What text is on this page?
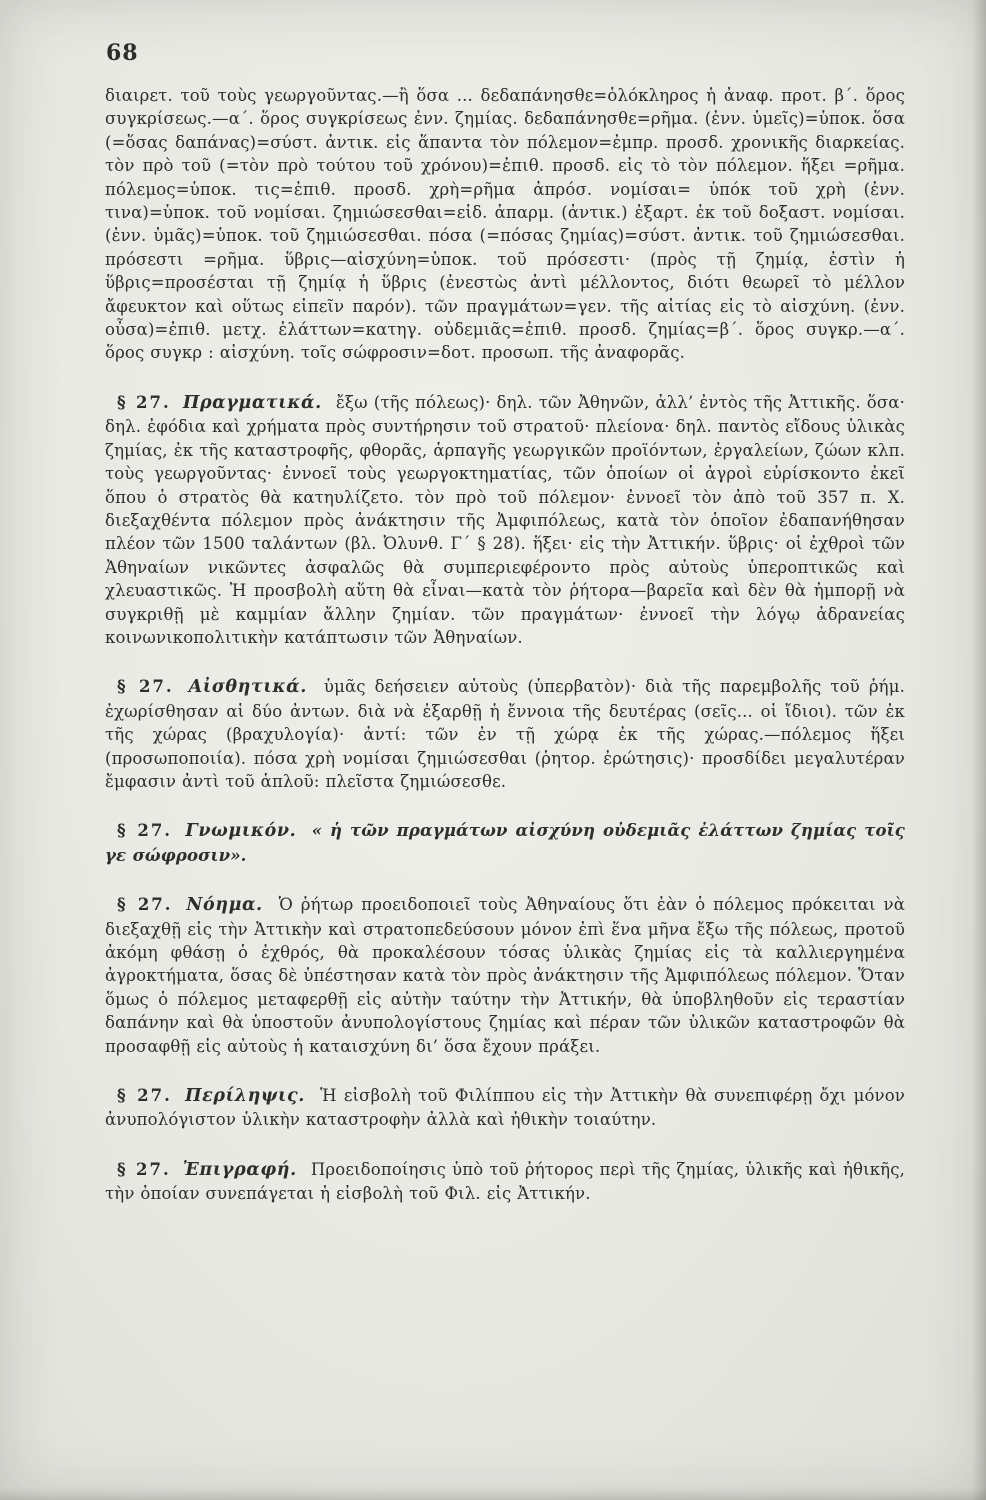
68

διαιρετ. τοῦ τοὺς γεωργοῦντας.—ἢ ὅσα ... δεδαπάνησθε=ὁλόκληρος ἡ ἀναφ. προτ. β΄. ὅρος συγκρίσεως.—α΄. ὅρος συγκρίσεως ἐνν. ζημίας. δεδαπάνησθε=ρῆμα. (ἐνν. ὑμεῖς)=ὑποκ. ὅσα (=ὅσας δαπάνας)=σύστ. ἀντικ. εἰς ἅπαντα τὸν πόλεμον=ἐμπρ. προσδ. χρονικῆς διαρκείας. τὸν πρὸ τοῦ (=τὸν πρὸ τούτου τοῦ χρόνου)=ἐπιθ. προσδ. εἰς τὸ τὸν πόλεμον. ἥξει =ρῆμα. πόλεμος=ὑποκ. τις=ἐπιθ. προσδ. χρὴ=ρῆμα ἀπρόσ. νομίσαι= ὑπόκ τοῦ χρὴ (ἐνν. τινα)=ὑποκ. τοῦ νομίσαι. ζημιώσεσθαι=εἰδ. ἀπαρμ. (ἀντικ.) ἐξαρτ. ἐκ τοῦ δοξαστ. νομίσαι. (ἐνν. ὑμᾶς)=ὑποκ. τοῦ ζημιώσεσθαι. πόσα (=πόσας ζημίας)=σύστ. ἀντικ. τοῦ ζημιώσεσθαι. πρόσεστι =ρῆμα. ὕβρις—αἰσχύνη=ὑποκ. τοῦ πρόσεστι· (πρὸς τῇ ζημίᾳ, ἐστὶν ἡ ὕβρις=προσέσται τῇ ζημίᾳ ἡ ὕβρις (ἐνεστὼς ἀντὶ μέλλοντος, διότι θεωρεῖ τὸ μέλλον ἄφευκτον καὶ οὕτως εἰπεῖν παρόν). τῶν πραγμάτων=γεν. τῆς αἰτίας εἰς τὸ αἰσχύνη. (ἐνν. οὖσα)=ἐπιθ. μετχ. ἐλάττων=κατηγ. οὐδεμιᾶς=ἐπιθ. προσδ. ζημίας=β΄. ὅρος συγκρ.—α΄. ὅρος συγκρ : αἰσχύνη. τοῖς σώφροσιν=δοτ. προσωπ. τῆς ἀναφορᾶς.

§ 27. Πραγματικά. ἔξω (τῆς πόλεως)· δηλ. τῶν Ἀθηνῶν, ἀλλ’ ἐντὸς τῆς Ἀττικῆς. ὅσα· δηλ. ἐφόδια καὶ χρήματα πρὸς συντήρησιν τοῦ στρατοῦ· πλείονα· δηλ. παντὸς εἴδους ὑλικὰς ζημίας, ἐκ τῆς καταστροφῆς, φθορᾶς, ἁρπαγῆς γεωργικῶν προϊόντων, ἐργαλείων, ζώων κλπ. τοὺς γεωργοῦντας· ἐννοεῖ τοὺς γεωργοκτηματίας, τῶν ὁποίων οἱ ἀγροὶ εὑρίσκοντο ἐκεῖ ὅπου ὁ στρατὸς θὰ κατηυλίζετο. τὸν πρὸ τοῦ πόλεμον· ἐννοεῖ τὸν ἀπὸ τοῦ 357 π. Χ. διεξαχθέντα πόλεμον πρὸς ἀνάκτησιν τῆς Ἀμφιπόλεως, κατὰ τὸν ὁποῖον ἐδαπανήθησαν πλέον τῶν 1500 ταλάντων (βλ. Ὀλυνθ. Γ΄ § 28). ἥξει· εἰς τὴν Ἀττικήν. ὕβρις· οἱ ἐχθροὶ τῶν Ἀθηναίων νικῶντες ἀσφαλῶς θὰ συμπεριεφέροντο πρὸς αὐτοὺς ὑπεροπτικῶς καὶ χλευαστικῶς. Ἡ προσβολὴ αὕτη θὰ εἶναι—κατὰ τὸν ῥήτορα—βαρεῖα καὶ δὲν θὰ ἠμπορῇ νὰ συγκριθῇ μὲ καμμίαν ἄλλην ζημίαν. τῶν πραγμάτων· ἐννοεῖ τὴν λόγῳ ἀδρανείας κοινωνικοπολιτικὴν κατάπτωσιν τῶν Ἀθηναίων.

§ 27. Αἰσθητικά. ὑμᾶς δεήσειεν αὐτοὺς (ὑπερβατὸν)· διὰ τῆς παρεμβολῆς τοῦ ῥήμ. ἐχωρίσθησαν αἱ δύο ἀντων. διὰ νὰ ἐξαρθῇ ἡ ἔννοια τῆς δευτέρας (σεῖς... οἱ ἴδιοι). τῶν ἐκ τῆς χώρας (βραχυλογία)· ἀντί: τῶν ἐν τῇ χώρᾳ ἐκ τῆς χώρας.—πόλεμος ἥξει (προσωποποιία). πόσα χρὴ νομίσαι ζημιώσεσθαι (ῥητορ. ἐρώτησις)· προσδίδει μεγαλυτέραν ἔμφασιν ἀντὶ τοῦ ἁπλοῦ: πλεῖστα ζημιώσεσθε.

§ 27. Γνωμικόν. « ἡ τῶν πραγμάτων αἰσχύνη οὐδεμιᾶς ἐλάττων ζημίας τοῖς γε σώφροσιν».

§ 27. Νόημα. Ὁ ῥήτωρ προειδοποιεῖ τοὺς Ἀθηναίους ὅτι ἐὰν ὁ πόλεμος πρόκειται νὰ διεξαχθῇ εἰς τὴν Ἀττικὴν καὶ στρατοπεδεύσουν μόνον ἐπὶ ἕνα μῆνα ἔξω τῆς πόλεως, προτοῦ ἀκόμη φθάσῃ ὁ ἐχθρός, θὰ προκαλέσουν τόσας ὑλικὰς ζημίας εἰς τὰ καλλιεργημένα ἀγροκτήματα, ὅσας δὲ ὑπέστησαν κατὰ τὸν πρὸς ἀνάκτησιν τῆς Ἀμφιπόλεως πόλεμον. Ὅταν ὅμως ὁ πόλεμος μεταφερθῇ εἰς αὐτὴν ταύτην τὴν Ἀττικήν, θὰ ὑποβληθοῦν εἰς τεραστίαν δαπάνην καὶ θὰ ὑποστοῦν ἀνυπολογίστους ζημίας καὶ πέραν τῶν ὑλικῶν καταστροφῶν θὰ προσαφθῇ εἰς αὐτοὺς ἡ καταισχύνη δι’ ὅσα ἔχουν πράξει.

§ 27. Περίληψις. Ἡ εἰσβολὴ τοῦ Φιλίππου εἰς τὴν Ἀττικὴν θὰ συνεπιφέρῃ ὄχι μόνον ἀνυπολόγιστον ὑλικὴν καταστροφὴν ἀλλὰ καὶ ἠθικὴν τοιαύτην.

§ 27. Ἐπιγραφή. Προειδοποίησις ὑπὸ τοῦ ῥήτορος περὶ τῆς ζημίας, ὑλικῆς καὶ ἠθικῆς, τὴν ὁποίαν συνεπάγεται ἡ εἰσβολὴ τοῦ Φιλ. εἰς Ἀττικήν.
